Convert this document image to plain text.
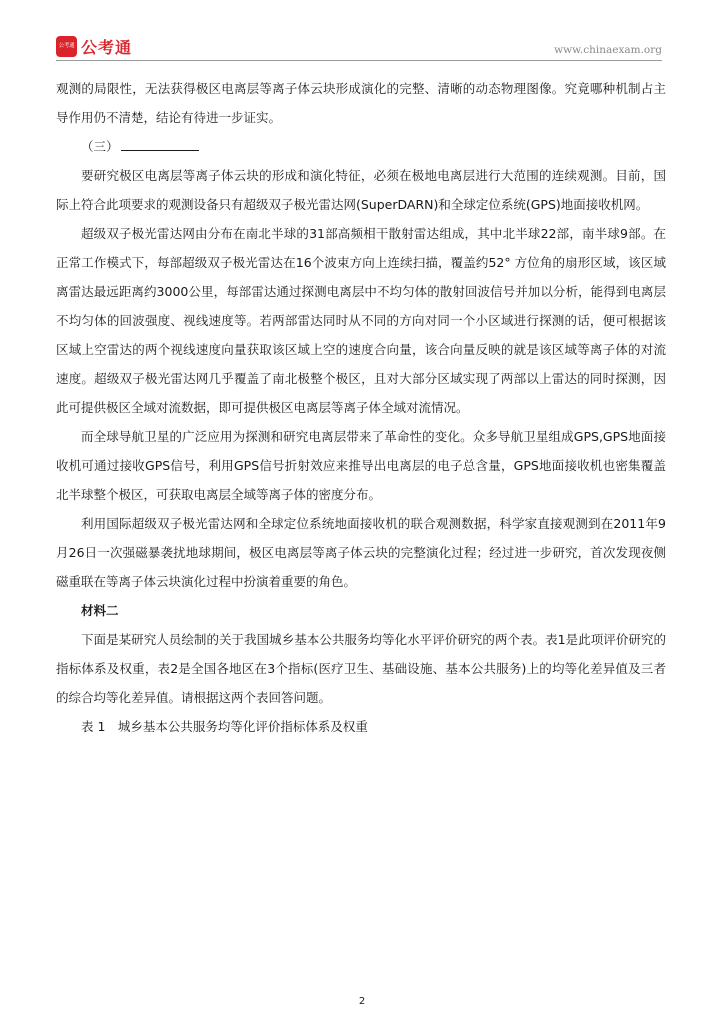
公考通 公考通	www.chinaexam.org

观测的局限性，无法获得极区电离层等离子体云块形成演化的完整、清晰的动态物理图像。究竟哪种机制占主导作用仍不清楚，结论有待进一步证实。

（三）

要研究极区电离层等离子体云块的形成和演化特征，必须在极地电离层进行大范围的连续观测。目前，国际上符合此项要求的观测设备只有超级双子极光雷达网(SuperDARN)和全球定位系统(GPS)地面接收机网。

超级双子极光雷达网由分布在南北半球的31部高频相干散射雷达组成，其中北半球22部，南半球9部。在正常工作模式下，每部超级双子极光雷达在16个波束方向上连续扫描，覆盖约52° 方位角的扇形区域，该区域离雷达最远距离约3000公里，每部雷达通过探测电离层中不均匀体的散射回波信号并加以分析，能得到电离层不均匀体的回波强度、视线速度等。若两部雷达同时从不同的方向对同一个小区域进行探测的话，便可根据该区域上空雷达的两个视线速度向量获取该区域上空的速度合向量，该合向量反映的就是该区域等离子体的对流速度。超级双子极光雷达网几乎覆盖了南北极整个极区，且对大部分区域实现了两部以上雷达的同时探测，因此可提供极区全域对流数据，即可提供极区电离层等离子体全域对流情况。

而全球导航卫星的广泛应用为探测和研究电离层带来了革命性的变化。众多导航卫星组成GPS,GPS地面接收机可通过接收GPS信号，利用GPS信号折射效应来推导出电离层的电子总含量，GPS地面接收机也密集覆盖北半球整个极区，可获取电离层全域等离子体的密度分布。

利用国际超级双子极光雷达网和全球定位系统地面接收机的联合观测数据，科学家直接观测到在2011年9月26日一次强磁暴袭扰地球期间，极区电离层等离子体云块的完整演化过程；经过进一步研究，首次发现夜侧磁重联在等离子体云块演化过程中扮演着重要的角色。

材料二

下面是某研究人员绘制的关于我国城乡基本公共服务均等化水平评价研究的两个表。表1是此项评价研究的指标体系及权重，表2是全国各地区在3个指标(医疗卫生、基础设施、基本公共服务)上的均等化差异值及三者的综合均等化差异值。请根据这两个表回答问题。

表 1　城乡基本公共服务均等化评价指标体系及权重

2
